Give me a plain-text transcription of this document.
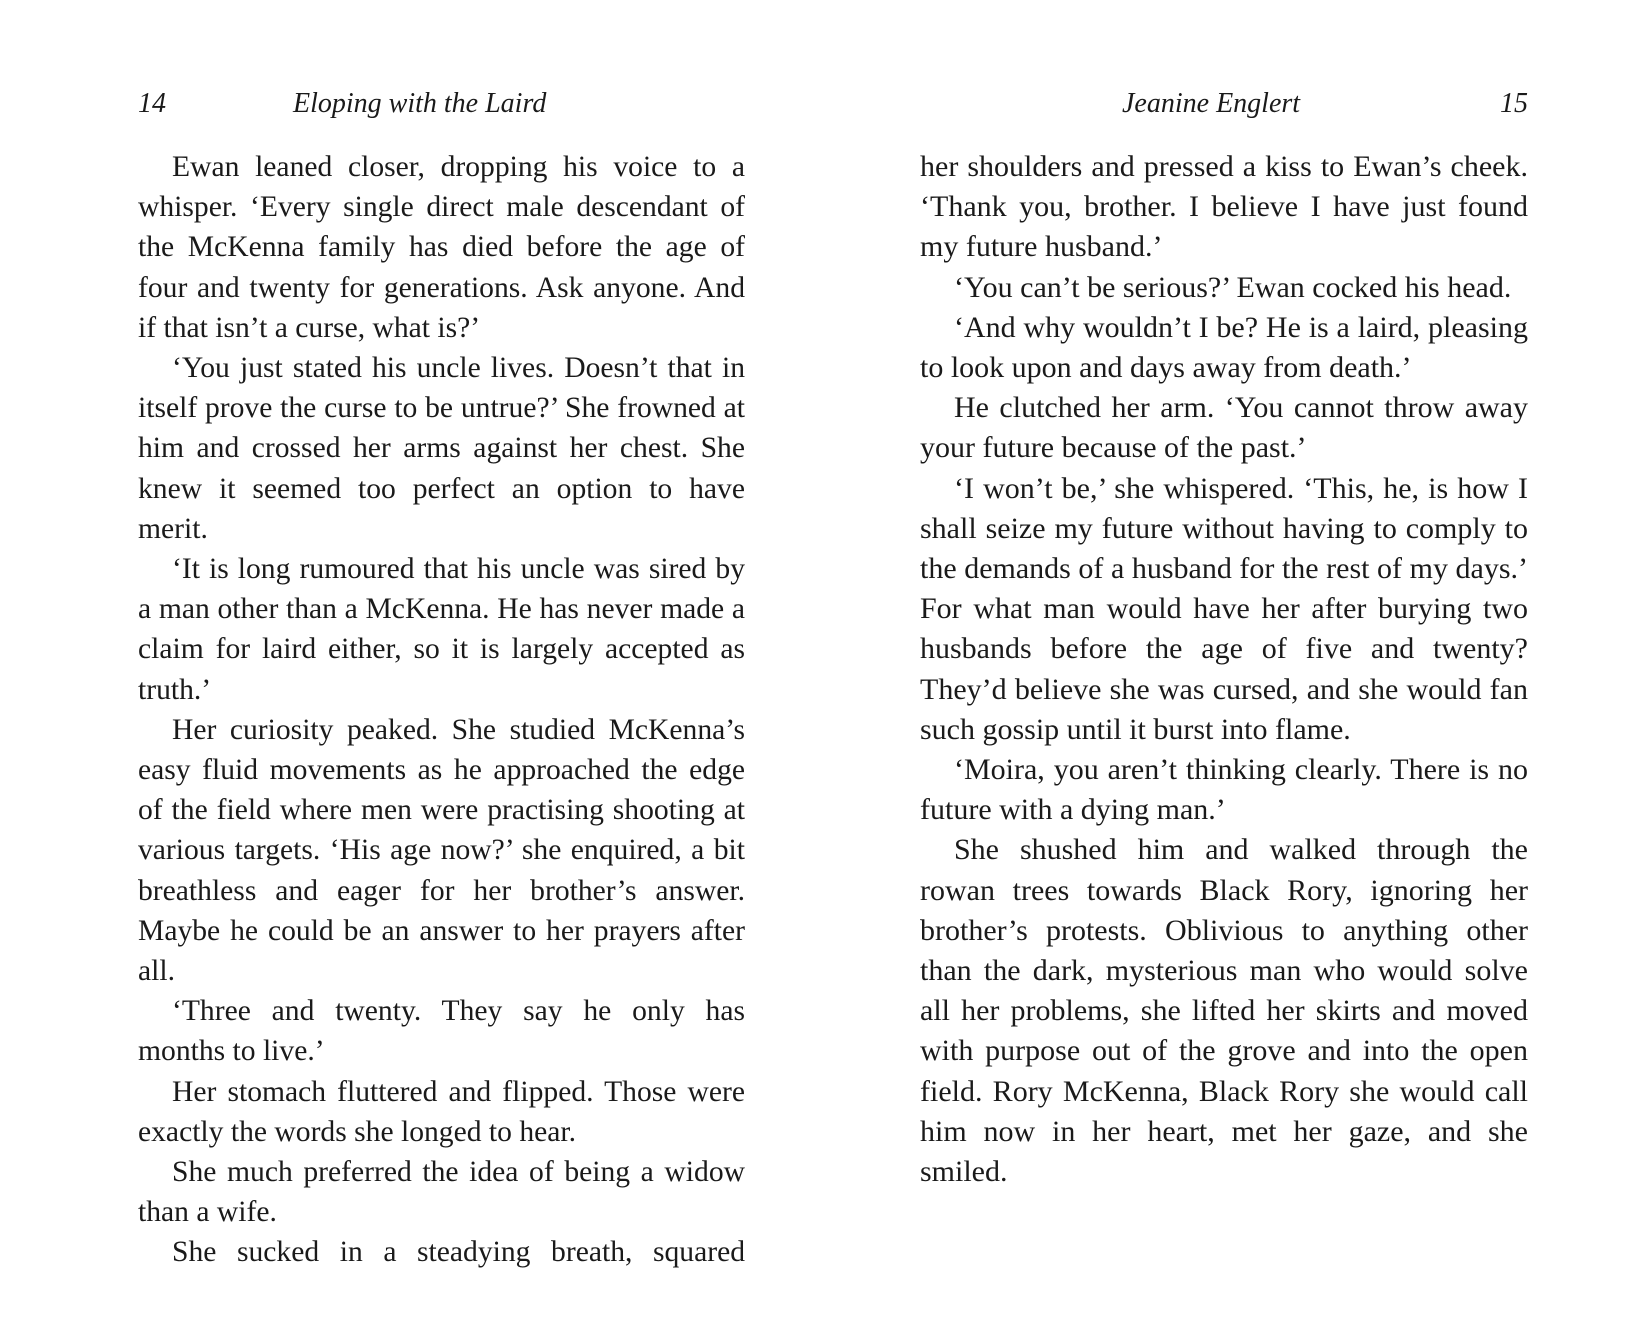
14	Eloping with the Laird

Ewan leaned closer, dropping his voice to a whisper. ‘Every single direct male descendant of the McKenna family has died before the age of four and twenty for generations. Ask anyone. And if that isn’t a curse, what is?’

‘You just stated his uncle lives. Doesn’t that in itself prove the curse to be untrue?’ She frowned at him and crossed her arms against her chest. She knew it seemed too perfect an option to have merit.

‘It is long rumoured that his uncle was sired by a man other than a McKenna. He has never made a claim for laird either, so it is largely accepted as truth.’

Her curiosity peaked. She studied McKenna’s easy fluid movements as he approached the edge of the field where men were practising shooting at various targets. ‘His age now?’ she enquired, a bit breathless and eager for her brother’s answer. Maybe he could be an answer to her prayers after all.

‘Three and twenty. They say he only has months to live.’

Her stomach fluttered and flipped. Those were exactly the words she longed to hear.

She much preferred the idea of being a widow than a wife.

She sucked in a steadying breath, squared

Jeanine Englert	15

her shoulders and pressed a kiss to Ewan’s cheek. ‘Thank you, brother. I believe I have just found my future husband.’

‘You can’t be serious?’ Ewan cocked his head.

‘And why wouldn’t I be? He is a laird, pleasing to look upon and days away from death.’

He clutched her arm. ‘You cannot throw away your future because of the past.’

‘I won’t be,’ she whispered. ‘This, he, is how I shall seize my future without having to comply to the demands of a husband for the rest of my days.’ For what man would have her after burying two husbands before the age of five and twenty? They’d believe she was cursed, and she would fan such gossip until it burst into flame.

‘Moira, you aren’t thinking clearly. There is no future with a dying man.’

She shushed him and walked through the rowan trees towards Black Rory, ignoring her brother’s protests. Oblivious to anything other than the dark, mysterious man who would solve all her problems, she lifted her skirts and moved with purpose out of the grove and into the open field. Rory McKenna, Black Rory she would call him now in her heart, met her gaze, and she smiled.
